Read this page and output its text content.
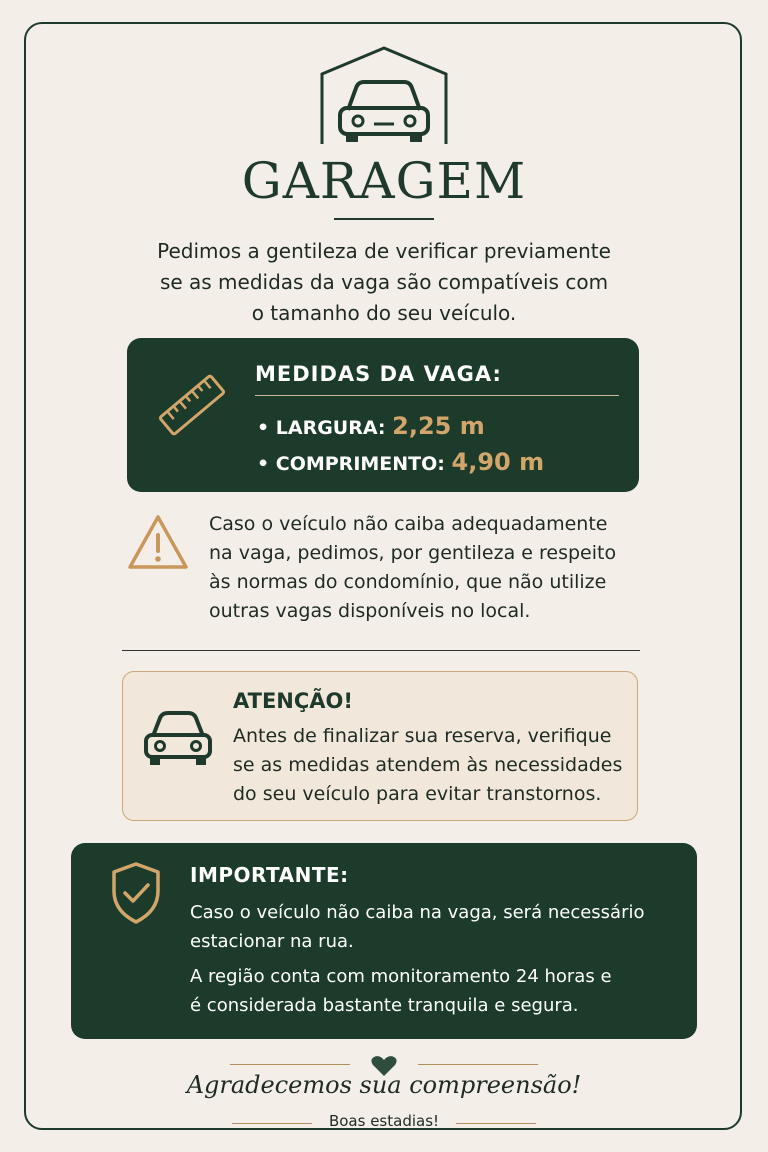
GARAGEM
Pedimos a gentileza de verificar previamente
se as medidas da vaga são compatíveis com
o tamanho do seu veículo.
MEDIDAS DA VAGA:
• LARGURA: 2,25 m
• COMPRIMENTO: 4,90 m
Caso o veículo não caiba adequadamente
na vaga, pedimos, por gentileza e respeito
às normas do condomínio, que não utilize
outras vagas disponíveis no local.
ATENÇÃO!
Antes de finalizar sua reserva, verifique
se as medidas atendem às necessidades
do seu veículo para evitar transtornos.
IMPORTANTE:
Caso o veículo não caiba na vaga, será necessário
estacionar na rua.
A região conta com monitoramento 24 horas e
é considerada bastante tranquila e segura.
Agradecemos sua compreensão!
Boas estadias!
